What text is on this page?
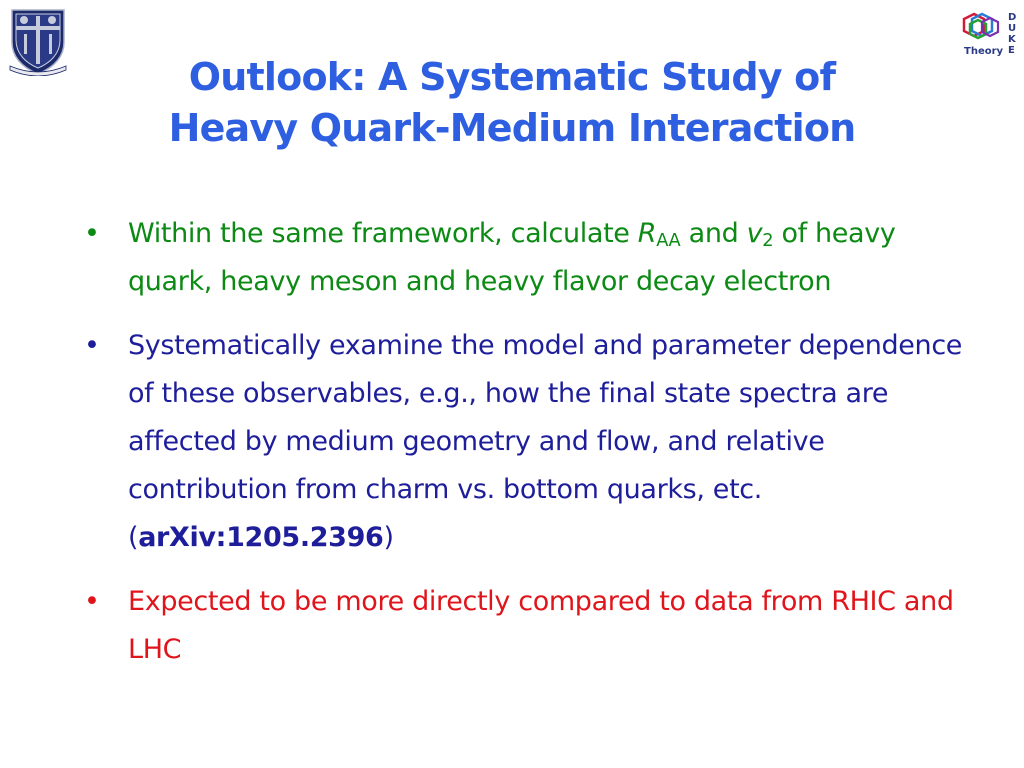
D
U
K
E
Theory
Outlook: A Systematic Study of
Heavy Quark-Medium Interaction
• Within the same framework, calculate $R_{AA}$ and $v_2$ of heavy quark, heavy meson and heavy flavor decay electron
• Systematically examine the model and parameter dependence of these observables, e.g., how the final state spectra are affected by medium geometry and flow, and relative contribution from charm vs. bottom quarks, etc. (arXiv:1205.2396)
• Expected to be more directly compared to data from RHIC and LHC
